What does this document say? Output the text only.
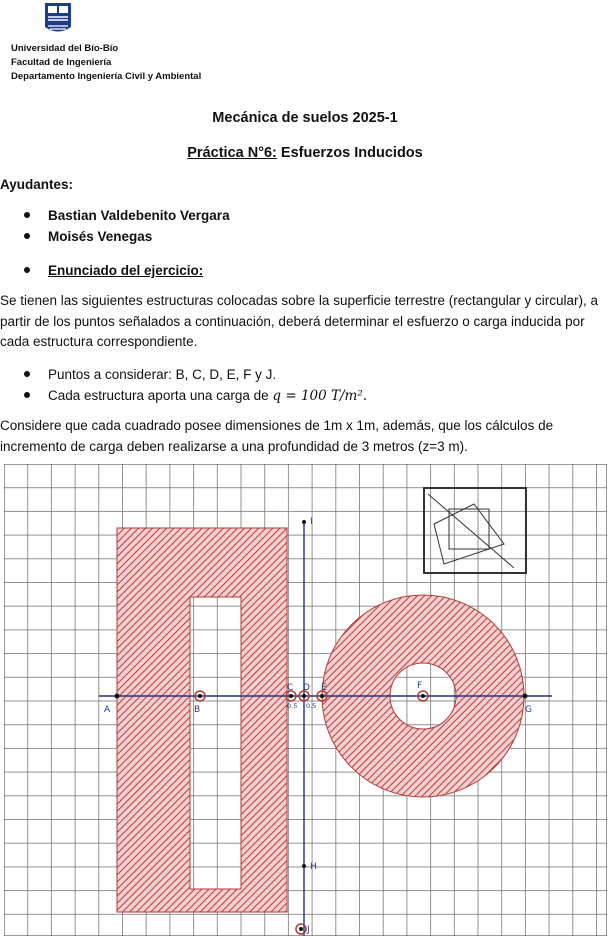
Universidad del Bío-Bío
Facultad de Ingeniería
Departamento Ingeniería Civil y Ambiental
Mecánica de suelos 2025-1
Práctica N°6: Esfuerzos Inducidos
Ayudantes:
Bastian Valdebenito Vergara
Moisés Venegas
Enunciado del ejercicio:
Se tienen las siguientes estructuras colocadas sobre la superficie terrestre (rectangular y circular), a
partir de los puntos señalados a continuación, deberá determinar el esfuerzo o carga inducida por
cada estructura correspondiente.
Puntos a considerar: B, C, D, E, F y J.
Cada estructura aporta una carga de q = 100 T/m².
Considere que cada cuadrado posee dimensiones de 1m x 1m, además, que los cálculos de
incremento de carga deben realizarse a una profundidad de 3 metros (z=3 m).
A	B
C D E	F
G
I
H
J
0.5 0.5
